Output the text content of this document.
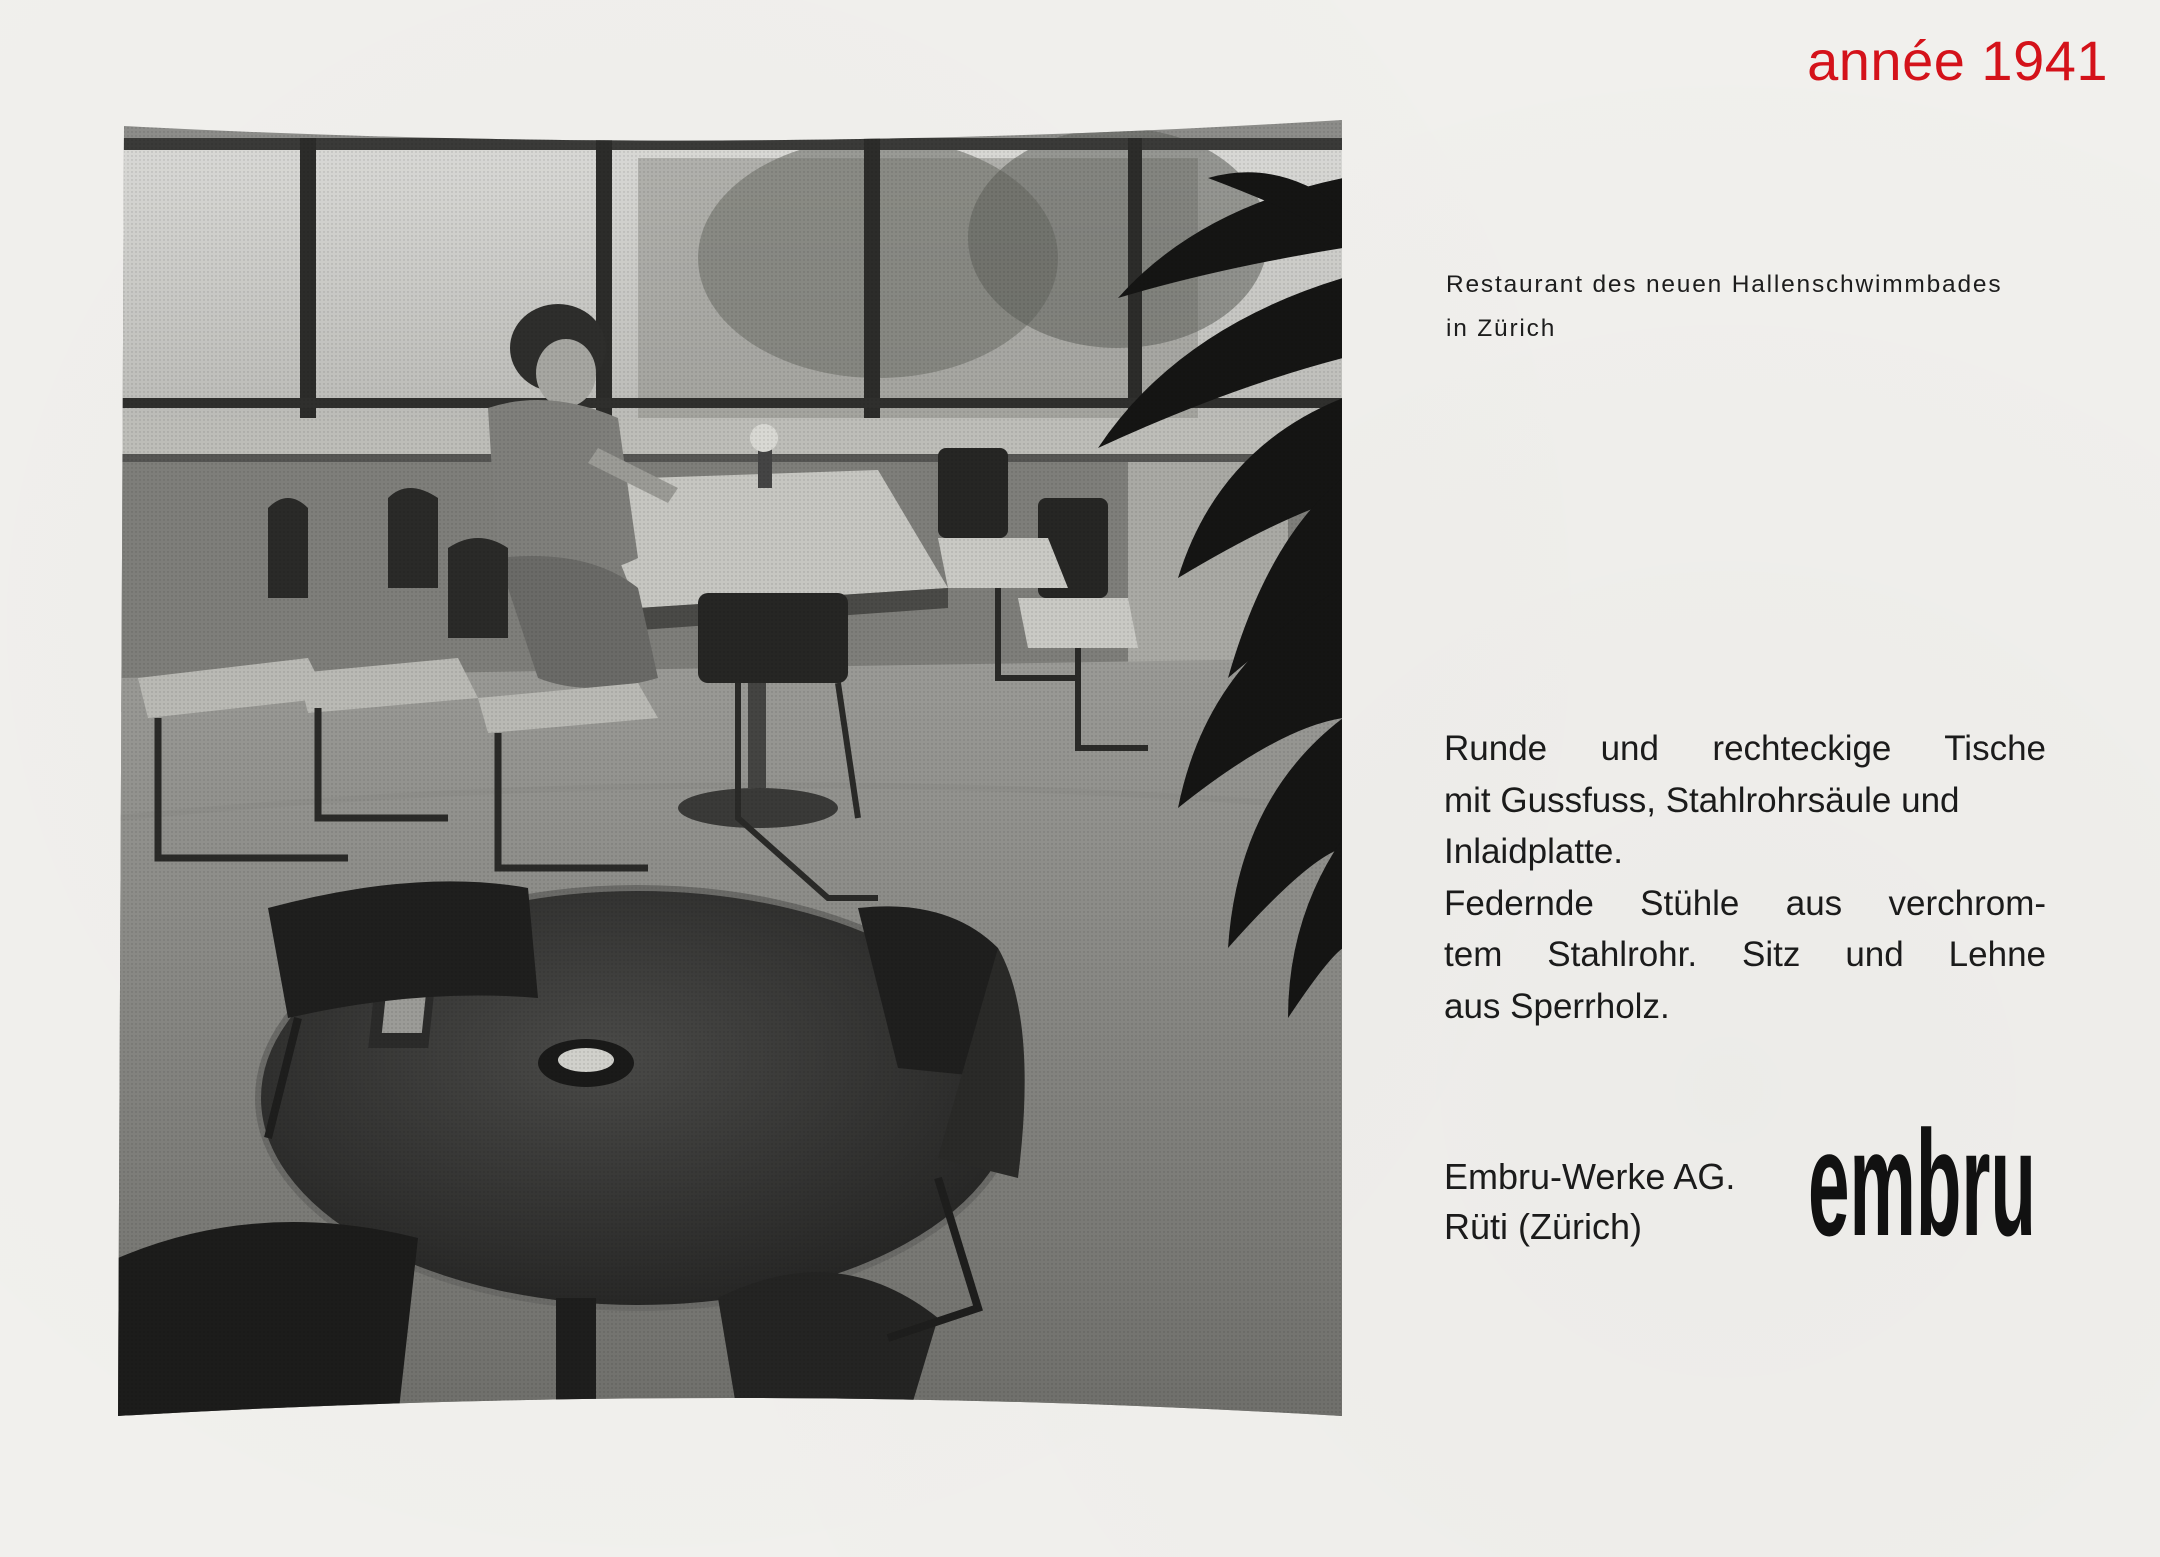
année 1941
Restaurant des neuen Hallenschwimmbades
in Zürich
Runde und rechteckige Tische
mit Gussfuss, Stahlrohrsäule und
Inlaidplatte.
Federnde Stühle aus verchrom-
tem Stahlrohr. Sitz und Lehne
aus Sperrholz.
Embru-Werke AG.
Rüti (Zürich)	embru
